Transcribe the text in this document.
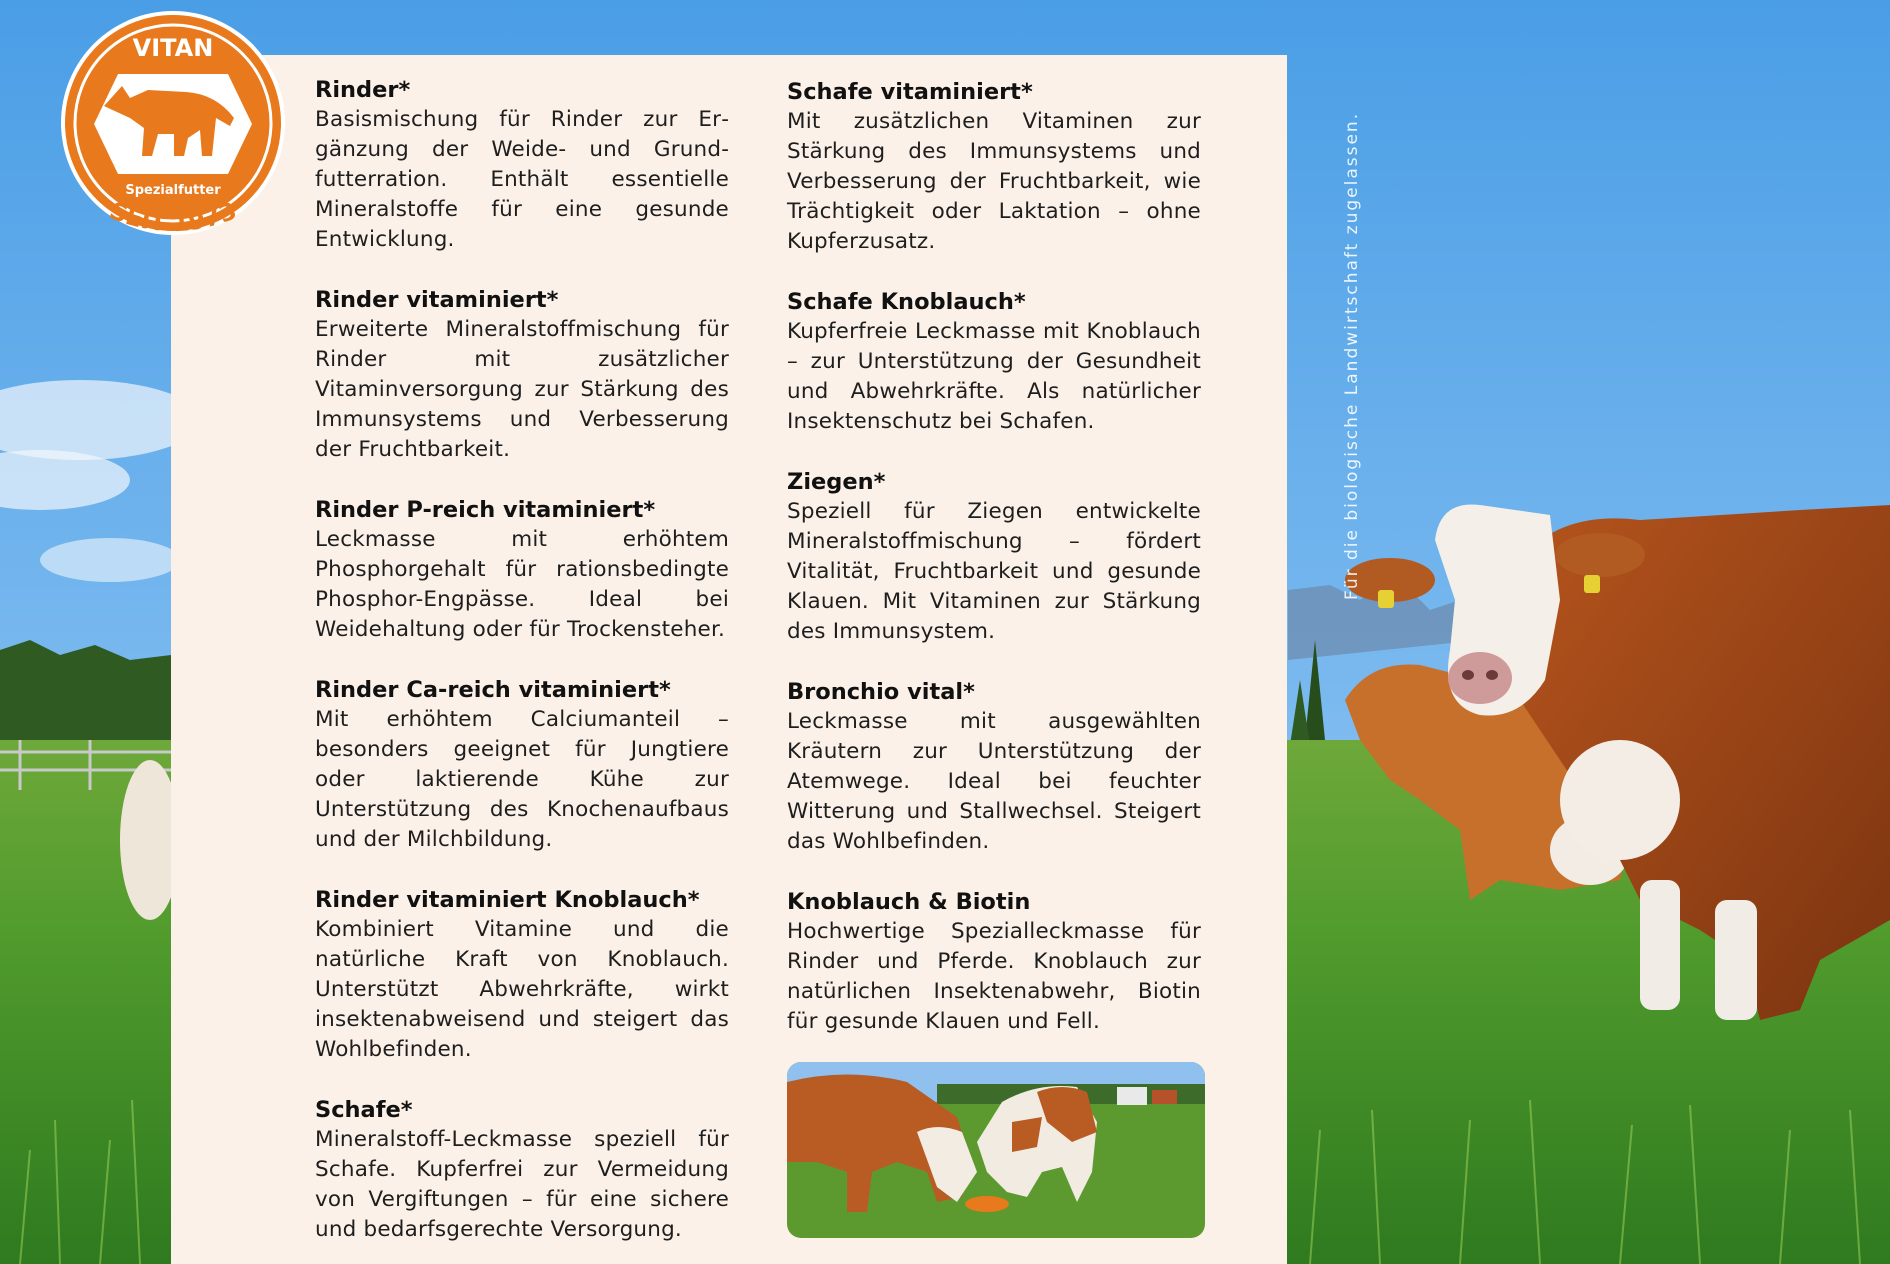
Rinder*

Basismischung für Rinder zur Ergänzung der Weide- und Grundfutterration. Enthält essentielle Mineralstoffe für eine gesunde Entwicklung.

Rinder vitaminiert*

Erweiterte Mineralstoffmischung für Rinder mit zusätzlicher Vitaminversorgung zur Stärkung des Immunsystems und Verbesserung der Fruchtbarkeit.

Rinder P-reich vitaminiert*

Leckmasse mit erhöhtem Phosphorgehalt für rationsbedingte Phosphor-Engpässe. Ideal bei Weidehaltung oder für Trockensteher.

Rinder Ca-reich vitaminiert*

Mit erhöhtem Calciumanteil – besonders geeignet für Jungtiere oder laktierende Kühe zur Unterstützung des Knochenaufbaus und der Milchbildung.

Rinder vitaminiert Knoblauch*

Kombiniert Vitamine und die natürliche Kraft von Knoblauch. Unterstützt Abwehrkräfte, wirkt insektenabweisend und steigert das Wohlbefinden.

Schafe*

Mineralstoff-Leckmasse speziell für Schafe. Kupferfrei zur Vermeidung von Vergiftungen – für eine sichere und bedarfsgerechte Versorgung.

Schafe vitaminiert*

Mit zusätzlichen Vitaminen zur Stärkung des Immunsystems und Verbesserung der Fruchtbarkeit, wie Trächtigkeit oder Laktation – ohne Kupferzusatz.

Schafe Knoblauch*

Kupferfreie Leckmasse mit Knoblauch – zur Unterstützung der Gesundheit und Abwehrkräfte. Als natürlicher Insektenschutz bei Schafen.

Ziegen*

Speziell für Ziegen entwickelte Mineralstoffmischung – fördert Vitalität, Fruchtbarkeit und gesunde Klauen. Mit Vitaminen zur Stärkung des Immunsystem.

Bronchio vital*

Leckmasse mit ausgewählten Kräutern zur Unterstützung der Atemwege. Ideal bei feuchter Witterung und Stallwechsel. Steigert das Wohlbefinden.

Knoblauch & Biotin

Hochwertige Spezialleckmasse für Rinder und Pferde. Knoblauch zur natürlichen Insektenabwehr, Biotin für gesunde Klauen und Fell.

VITAN
Spezialfutter
SEIT 1973	Für die biologische Landwirtschaft zugelassen.
